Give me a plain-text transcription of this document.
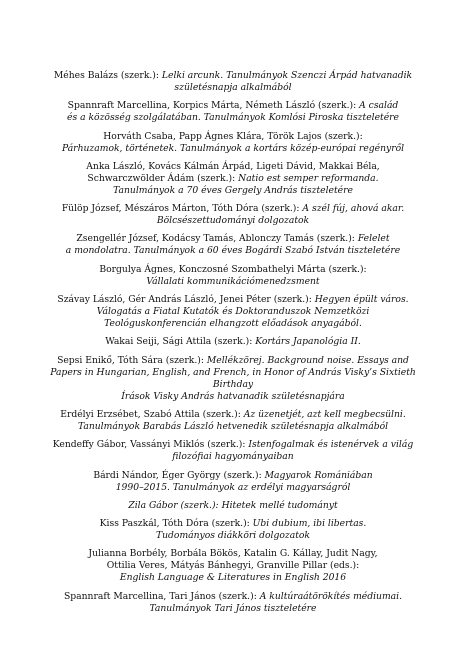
Méhes Balázs (szerk.): Lelki arcunk. Tanulmányok Szenczi Árpád hatvanadik
születésnapja alkalmából
Spannraft Marcellina, Korpics Márta, Németh László (szerk.): A család
és a közösség szolgálatában. Tanulmányok Komlósi Piroska tiszteletére
Horváth Csaba, Papp Ágnes Klára, Török Lajos (szerk.):
Párhuzamok, történetek. Tanulmányok a kortárs közép-európai regényről
Anka László, Kovács Kálmán Árpád, Ligeti Dávid, Makkai Béla,
Schwarczwölder Ádám (szerk.): Natio est semper reformanda.
Tanulmányok a 70 éves Gergely András tiszteletére
Fülöp József, Mészáros Márton, Tóth Dóra (szerk.): A szél fúj, ahová akar.
Bölcsészettudományi dolgozatok
Zsengellér József, Kodácsy Tamás, Ablonczy Tamás (szerk.): Felelet
a mondolatra. Tanulmányok a 60 éves Bogárdi Szabó István tiszteletére
Borgulya Ágnes, Konczosné Szombathelyi Márta (szerk.):
Vállalati kommunikációmenedzsment
Szávay László, Gér András László, Jenei Péter (szerk.): Hegyen épült város.
Válogatás a Fiatal Kutatók és Doktoranduszok Nemzetközi
Teológuskonferencián elhangzott előadások anyagából.
Wakai Seiji, Sági Attila (szerk.): Kortárs Japanológia II.
Sepsi Enikő, Tóth Sára (szerk.): Mellékzörej. Background noise. Essays and
Papers in Hungarian, English, and French, in Honor of András Visky’s Sixtieth
Birthday
Írások Visky András hatvanadik születésnapjára
Erdélyi Erzsébet, Szabó Attila (szerk.): Az üzenetjét, azt kell megbecsülni.
Tanulmányok Barabás László hetvenedik születésnapja alkalmából
Kendeffy Gábor, Vassányi Miklós (szerk.): Istenfogalmak és istenérvek a világ
filozófiai hagyományaiban
Bárdi Nándor, Éger György (szerk.): Magyarok Romániában
1990–2015. Tanulmányok az erdélyi magyarságról
Zila Gábor (szerk.): Hitetek mellé tudományt
Kiss Paszkál, Tóth Dóra (szerk.): Ubi dubium, ibi libertas.
Tudományos diákköri dolgozatok
Julianna Borbély, Borbála Bökös, Katalin G. Kállay, Judit Nagy,
Ottilia Veres, Mátyás Bánhegyi, Granville Pillar (eds.):
English Language & Literatures in English 2016
Spannraft Marcellina, Tari János (szerk.): A kultúraátörökítés médiumai.
Tanulmányok Tari János tiszteletére
